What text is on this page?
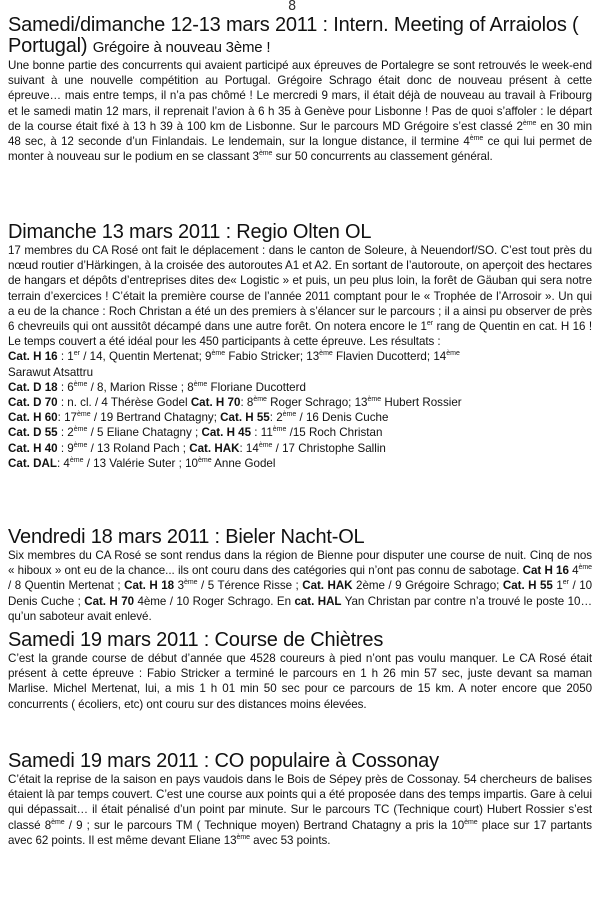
8
Samedi/dimanche 12-13 mars 2011 : Intern. Meeting of Arraiolos ( Portugal) Grégoire à nouveau 3ème !

Une bonne partie des concurrents qui avaient participé aux épreuves de Portalegre se sont retrouvés le week-end suivant à une nouvelle compétition au Portugal. Grégoire Schrago était donc de nouveau présent à cette épreuve… mais entre temps, il n’a pas chômé ! Le mercredi 9 mars, il était déjà de nouveau au travail à Fribourg et le samedi matin 12 mars, il reprenait l’avion à 6 h 35 à Genève pour Lisbonne ! Pas de quoi s’affoler : le départ de la course était fixé à 13 h 39 à 100 km de Lisbonne. Sur le parcours MD Grégoire s’est classé 2ème en 30 min 48 sec, à 12 seconde d’un Finlandais. Le lendemain, sur la longue distance, il termine 4ème ce qui lui permet de monter à nouveau sur le podium en se classant 3ème sur 50 concurrents au classement général.

Dimanche 13 mars 2011 : Regio Olten OL

17 membres du CA Rosé ont fait le déplacement : dans le canton de Soleure, à Neuendorf/SO. C’est tout près du nœud routier d’Härkingen, à la croisée des autoroutes A1 et A2. En sortant de l’autoroute, on aperçoit des hectares de hangars et dépôts d’entreprises dites de« Logistic » et puis, un peu plus loin, la forêt de Gäuban qui sera notre terrain d’exercices ! C’était la première course de l’année 2011 comptant pour le « Trophée de l’Arrosoir ». Un qui a eu de la chance : Roch Christan a été un des premiers à s’élancer sur le parcours ; il a ainsi pu observer de près 6 chevreuils qui ont aussitôt décampé dans une autre forêt. On notera encore le 1er rang de Quentin en cat. H 16 ! Le temps couvert a été idéal pour les 450 participants à cette épreuve. Les résultats :

Cat. H 16 : 1er / 14, Quentin Mertenat; 9ème Fabio Stricker; 13ème Flavien Ducotterd; 14ème
Sarawut Atsattru
Cat. D 18 : 6ème / 8, Marion Risse ; 8ème Floriane Ducotterd
Cat. D 70 : n. cl. / 4 Thérèse Godel Cat. H 70: 8ème Roger Schrago; 13ème Hubert Rossier
Cat. H 60: 17ème / 19 Bertrand Chatagny; Cat. H 55: 2ème / 16 Denis Cuche
Cat. D 55 : 2ème / 5 Eliane Chatagny ; Cat. H 45 : 11ème /15 Roch Christan
Cat. H 40 : 9ème / 13 Roland Pach ; Cat. HAK: 14ème / 17 Christophe Sallin
Cat. DAL: 4ème / 13 Valérie Suter ; 10ème Anne Godel
Vendredi 18 mars 2011 : Bieler Nacht-OL

Six membres du CA Rosé se sont rendus dans la région de Bienne pour disputer une course de nuit. Cinq de nos « hiboux » ont eu de la chance... ils ont couru dans des catégories qui n’ont pas connu de sabotage. Cat H 16 4ème / 8 Quentin Mertenat ; Cat. H 18 3ème / 5 Térence Risse ; Cat. HAK 2ème / 9 Grégoire Schrago; Cat. H 55 1er / 10 Denis Cuche ; Cat. H 70 4ème / 10 Roger Schrago. En cat. HAL Yan Christan par contre n’a trouvé le poste 10… qu’un saboteur avait enlevé.

Samedi 19 mars 2011 : Course de Chiètres

C’est la grande course de début d’année que 4528 coureurs à pied n’ont pas voulu manquer. Le CA Rosé était présent à cette épreuve : Fabio Stricker a terminé le parcours en 1 h 26 min 57 sec, juste devant sa maman Marlise. Michel Mertenat, lui, a mis 1 h 01 min 50 sec pour ce parcours de 15 km. A noter encore que 2050 concurrents ( écoliers, etc) ont couru sur des distances moins élevées.

Samedi 19 mars 2011 : CO populaire à Cossonay

C’était la reprise de la saison en pays vaudois dans le Bois de Sépey près de Cossonay. 54 chercheurs de balises étaient là par temps couvert. C’est une course aux points qui a été proposée dans des temps impartis. Gare à celui qui dépassait… il était pénalisé d’un point par minute. Sur le parcours TC (Technique court) Hubert Rossier s’est classé 8ème / 9 ; sur le parcours TM ( Technique moyen) Bertrand Chatagny a pris la 10ème place sur 17 partants avec 62 points. Il est même devant Eliane 13ème avec 53 points.
